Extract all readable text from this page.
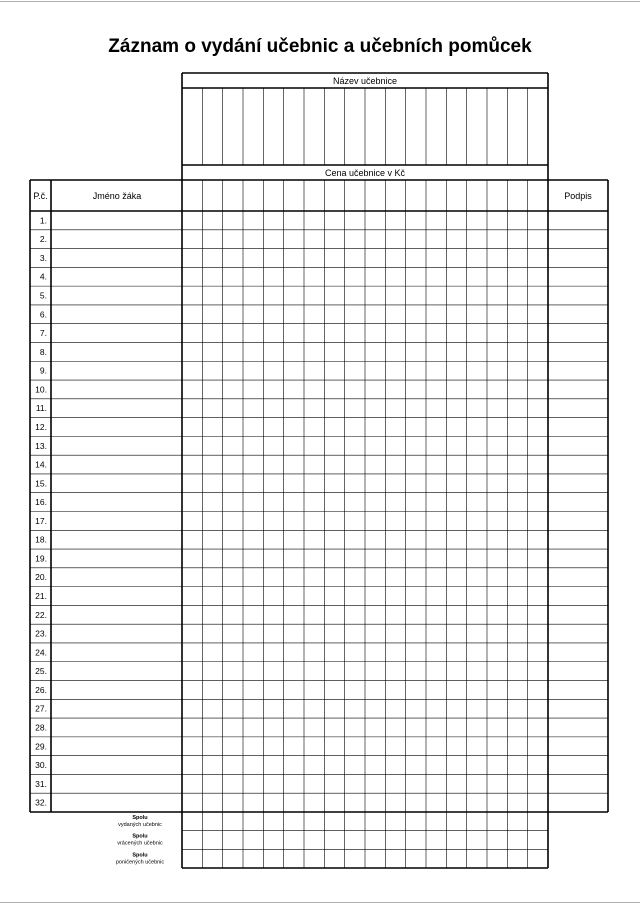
Záznam o vydání učebnic a učebních pomůcek
Název učebnice
Cena učebnice v Kč
P.č.	Jméno žáka	Podpis
1.
2.
3.
4.
5.
6.
7.
8.
9.
10.
11.
12.
13.
14.
15.
16.
17.
18.
19.
20.
21.
22.
23.
24.
25.
26.
27.
28.
29.
30.
31.
32.
Spolu
vydaných učebnic
Spolu
vrácených učebnic
Spolu
poničených učebnic
